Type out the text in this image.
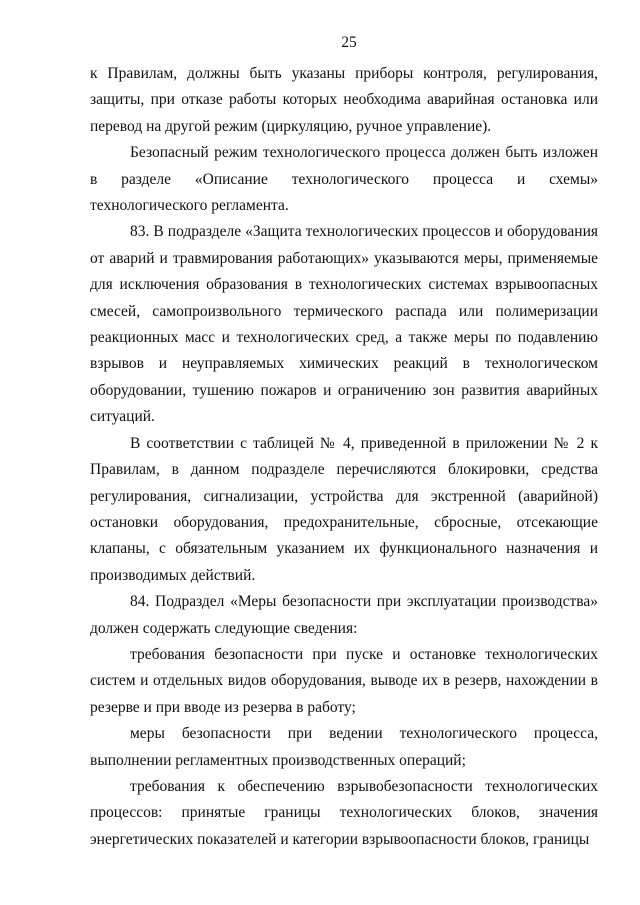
25

к Правилам, должны быть указаны приборы контроля, регулирования, защиты, при отказе работы которых необходима аварийная остановка или перевод на другой режим (циркуляцию, ручное управление).

Безопасный режим технологического процесса должен быть изложен в разделе «Описание технологического процесса и схемы» технологического регламента.

83. В подразделе «Защита технологических процессов и оборудования от аварий и травмирования работающих» указываются меры, применяемые для исключения образования в технологических системах взрывоопасных смесей, самопроизвольного термического распада или полимеризации реакционных масс и технологических сред, а также меры по подавлению взрывов и неуправляемых химических реакций в технологическом оборудовании, тушению пожаров и ограничению зон развития аварийных ситуаций.

В соответствии с таблицей № 4, приведенной в приложении № 2 к Правилам, в данном подразделе перечисляются блокировки, средства регулирования, сигнализации, устройства для экстренной (аварийной) остановки оборудования, предохранительные, сбросные, отсекающие клапаны, с обязательным указанием их функционального назначения и производимых действий.

84. Подраздел «Меры безопасности при эксплуатации производства» должен содержать следующие сведения:

требования безопасности при пуске и остановке технологических систем и отдельных видов оборудования, выводе их в резерв, нахождении в резерве и при вводе из резерва в работу;

меры безопасности при ведении технологического процесса, выполнении регламентных производственных операций;

требования к обеспечению взрывобезопасности технологических процессов: принятые границы технологических блоков, значения энергетических показателей и категории взрывоопасности блоков, границы
